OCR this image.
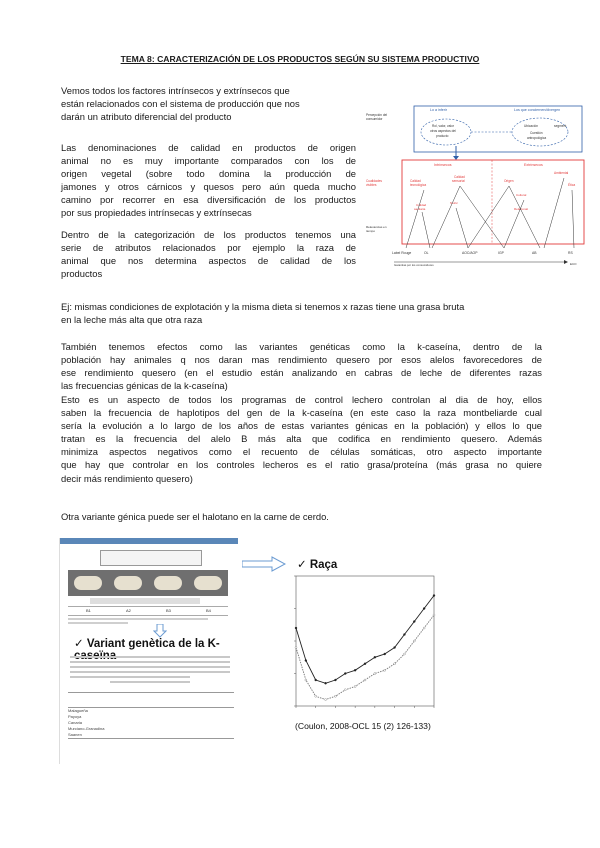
TEMA 8: CARACTERIZACIÓN DE LOS PRODUCTOS SEGÚN SU SISTEMA PRODUCTIVO
Vemos todos los factores intrínsecos y extrínsecos que
están relacionados con el sistema de producción que nos
darán un atributo diferencial del producto
Las denominaciones de calidad en productos de origen
animal no es muy importante comparados con los de
origen vegetal (sobre todo domina la producción de
jamones y otros cárnicos y quesos pero aún queda mucho
camino por recorrer en esa diversificación de los productos
por sus propiedades intrínsecas y extrínsecas
Dentro de la categorización de los productos tenemos una
serie de atributos relacionados por ejemplo la raza de
animal que nos determina aspectos de calidad de los
productos
Lo a inferir	Los que conciernen/divergen
Rol, valor, valor
otros aspectos del
producto
Ubicación	segment
Cuestión
antropológica
Percepción del
consumidor
Intrínsecos	Extrínsecos
Cualidades
visibles
Calidad
tecnológica
Calidad
sensorial	Origen
Ambiental
Ética
Cultural
Relacional
Calidad
sanitaria
Nutric
Relevancias en
tiempo
Label Rouge	OL	AOC/AOP	IGP	AB	RS
Garantías por los consumidores	ECO
Ej: mismas condiciones de explotación y la misma dieta si tenemos x razas tiene una grasa bruta
en la leche más alta que otra raza
También tenemos efectos como las variantes genéticas como la k-caseína, dentro de la
población hay animales q nos daran mas rendimiento quesero por esos alelos favorecedores de
ese rendimiento quesero (en el estudio están analizando en cabras de leche de diferentes razas
las frecuencias génicas de la k-caseína)
Esto es un aspecto de todos los programas de control lechero controlan al dia de hoy, ellos
saben la frecuencia de haplotipos del gen de la k-caseína (en este caso la raza montbeliarde cual
sería la evolución a lo largo de los años de estas variantes génicas en la población) y ellos lo que
tratan es la frecuencia del alelo B más alta que codifica en rendimiento quesero. Además
minimiza aspectos negativos como el recuento de células somáticas, otro aspecto importante
que hay que controlar en los controles lecheros es el ratio grasa/proteína (más grasa no quiere
decir más rendimiento quesero)
Otra variante génica puede ser el halotano en la carne de cerdo.
B1	A2	B3	B4
✓ Variant genètica de la K-
Malagueña
Payoya
Canaria
Murciano-Granadina
Saanen
✓ Raça
(Coulon, 2008-OCL 15 (2) 126-133)
